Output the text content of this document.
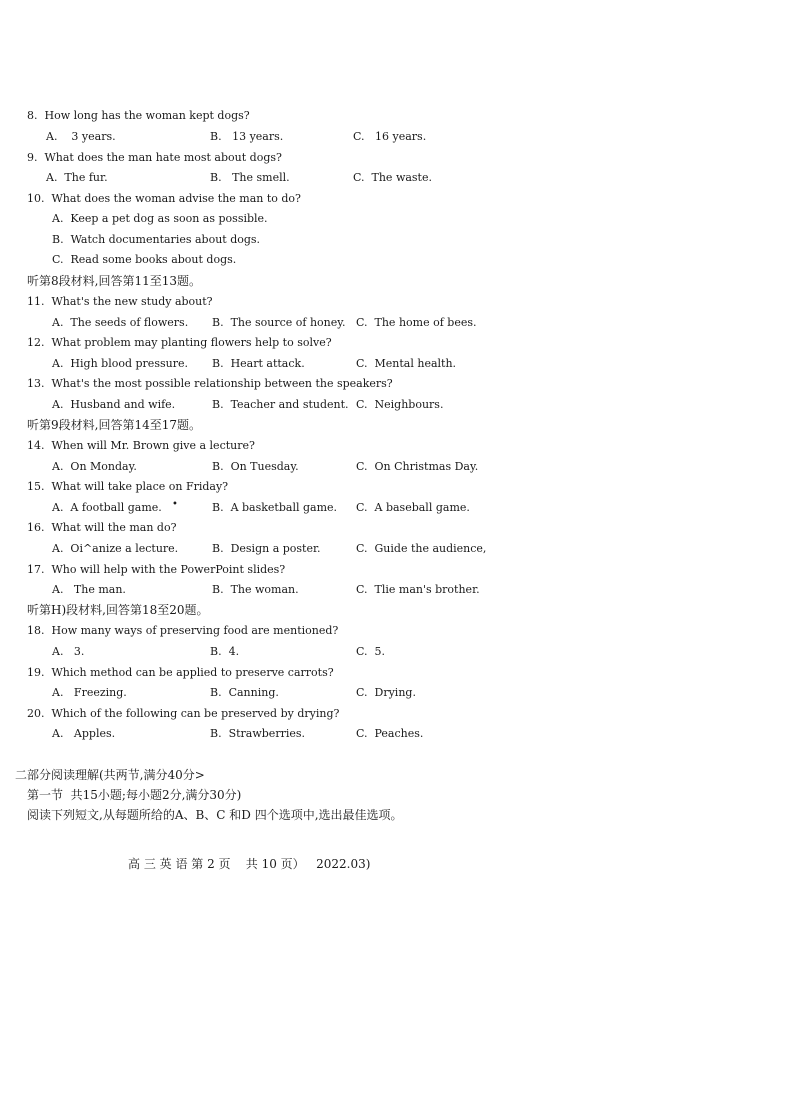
8.  How long has the woman kept dogs?
A.    3 years.	B.   13 years.	C.   16 years.
9.  What does the man hate most about dogs?
A.  The fur.	B.   The smell.	C.  The waste.
10.  What does the woman advise the man to do?
A.  Keep a pet dog as soon as possible.
B.  Watch documentaries about dogs.
C.  Read some books about dogs.
听第8段材料,回答第11至13题。
11.  What's the new study about?
A.  The seeds of flowers. B.  The source of honey. C.  The home of bees.
12.  What problem may planting flowers help to solve?
A.  High blood pressure. B.  Heart attack.	C.  Mental health.
13.  What's the most possible relationship between the speakers?
A.  Husband and wife.	B.  Teacher and student. C.  Neighbours.
听第9段材料,回答第14至17题。
14.  When will Mr. Brown give a lecture?
A.  On Monday.	B.  On Tuesday.	C.  On Christmas Day.
15.  What will take place on Friday?
A.  A football game. •	B.  A basketball game. C.  A baseball game.
16.  What will the man do?
A.  Oi^anize a lecture.	B.  Design a poster.	C.  Guide the audience,
17.  Who will help with the PowerPoint slides?
A.   The man.	B.  The woman.	C.  Tlie man's brother.
听第H)段材料,回答第18至20题。
18.  How many ways of preserving food are mentioned?
A.   3.	B.  4.	C.  5.
19.  Which method can be applied to preserve carrots?
A.   Freezing.	B.  Canning.	C.  Drying.
20.  Which of the following can be preserved by drying?
A.   Apples.	B.  Strawberries.	C.  Peaches.
二部分阅读理解(共两节,满分40分>
第一节  共15小题;每小题2分,满分30分)
阅读下列短文,从每题所给的A、B、C 和D 四个选项中,选出最佳选项。
高 三 英 语 第 2 页    共 10 页）   2022.03)
